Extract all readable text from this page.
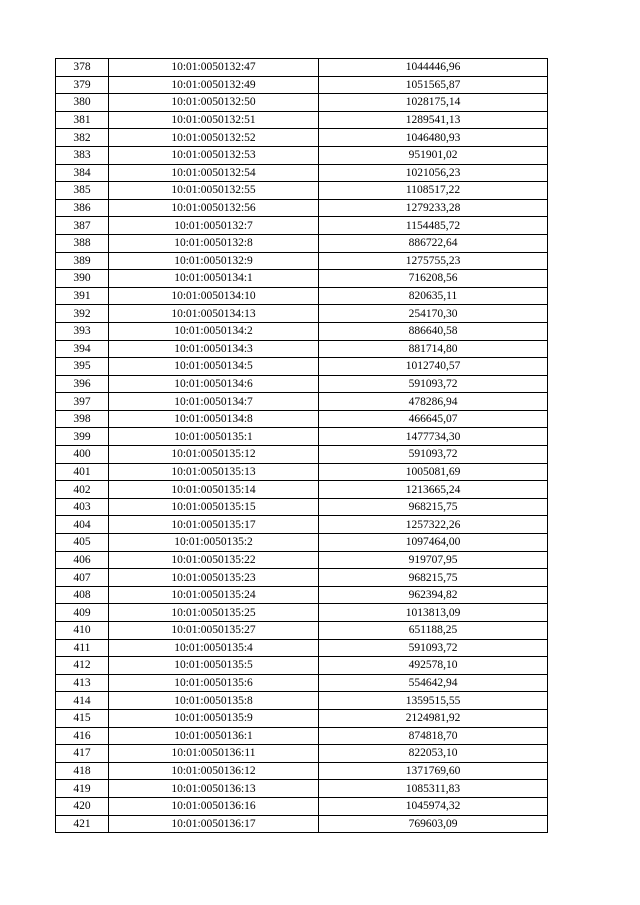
378	10:01:0050132:47	1044446,96
379	10:01:0050132:49	1051565,87
380	10:01:0050132:50	1028175,14
381	10:01:0050132:51	1289541,13
382	10:01:0050132:52	1046480,93
383	10:01:0050132:53	951901,02
384	10:01:0050132:54	1021056,23
385	10:01:0050132:55	1108517,22
386	10:01:0050132:56	1279233,28
387	10:01:0050132:7	1154485,72
388	10:01:0050132:8	886722,64
389	10:01:0050132:9	1275755,23
390	10:01:0050134:1	716208,56
391	10:01:0050134:10	820635,11
392	10:01:0050134:13	254170,30
393	10:01:0050134:2	886640,58
394	10:01:0050134:3	881714,80
395	10:01:0050134:5	1012740,57
396	10:01:0050134:6	591093,72
397	10:01:0050134:7	478286,94
398	10:01:0050134:8	466645,07
399	10:01:0050135:1	1477734,30
400	10:01:0050135:12	591093,72
401	10:01:0050135:13	1005081,69
402	10:01:0050135:14	1213665,24
403	10:01:0050135:15	968215,75
404	10:01:0050135:17	1257322,26
405	10:01:0050135:2	1097464,00
406	10:01:0050135:22	919707,95
407	10:01:0050135:23	968215,75
408	10:01:0050135:24	962394,82
409	10:01:0050135:25	1013813,09
410	10:01:0050135:27	651188,25
411	10:01:0050135:4	591093,72
412	10:01:0050135:5	492578,10
413	10:01:0050135:6	554642,94
414	10:01:0050135:8	1359515,55
415	10:01:0050135:9	2124981,92
416	10:01:0050136:1	874818,70
417	10:01:0050136:11	822053,10
418	10:01:0050136:12	1371769,60
419	10:01:0050136:13	1085311,83
420	10:01:0050136:16	1045974,32
421	10:01:0050136:17	769603,09
